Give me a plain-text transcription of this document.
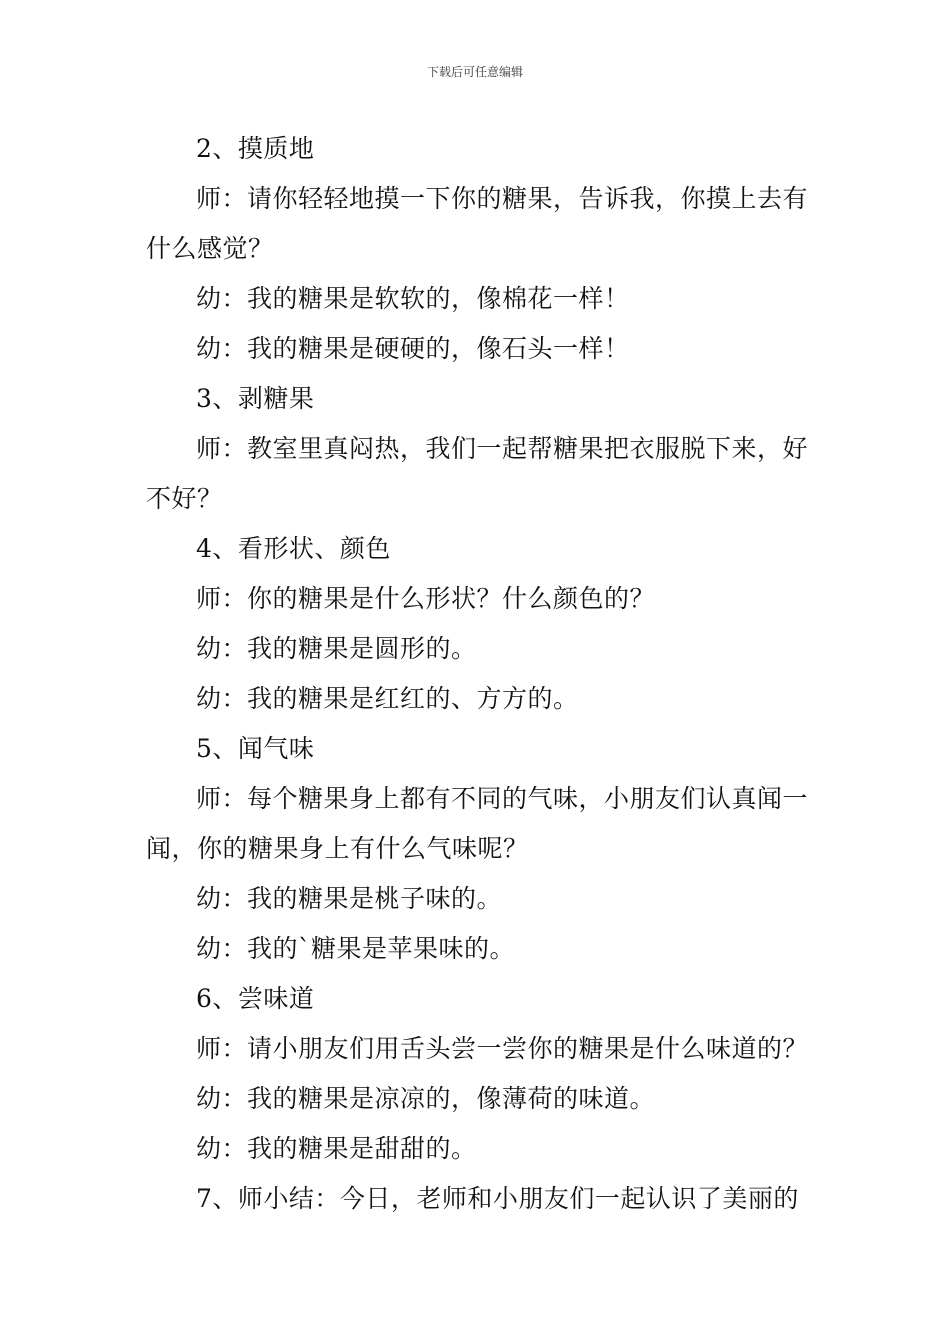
下载后可任意编辑

2、摸质地

师：请你轻轻地摸一下你的糖果，告诉我，你摸上去有什么感觉？

幼：我的糖果是软软的，像棉花一样！

幼：我的糖果是硬硬的，像石头一样！

3、剥糖果

师：教室里真闷热，我们一起帮糖果把衣服脱下来，好不好？

4、看形状、颜色

师：你的糖果是什么形状？什么颜色的？

幼：我的糖果是圆形的。

幼：我的糖果是红红的、方方的。

5、闻气味

师：每个糖果身上都有不同的气味，小朋友们认真闻一闻，你的糖果身上有什么气味呢？

幼：我的糖果是桃子味的。

幼：我的`糖果是苹果味的。

6、尝味道

师：请小朋友们用舌头尝一尝你的糖果是什么味道的？

幼：我的糖果是凉凉的，像薄荷的味道。

幼：我的糖果是甜甜的。

7、师小结：今日，老师和小朋友们一起认识了美丽的
